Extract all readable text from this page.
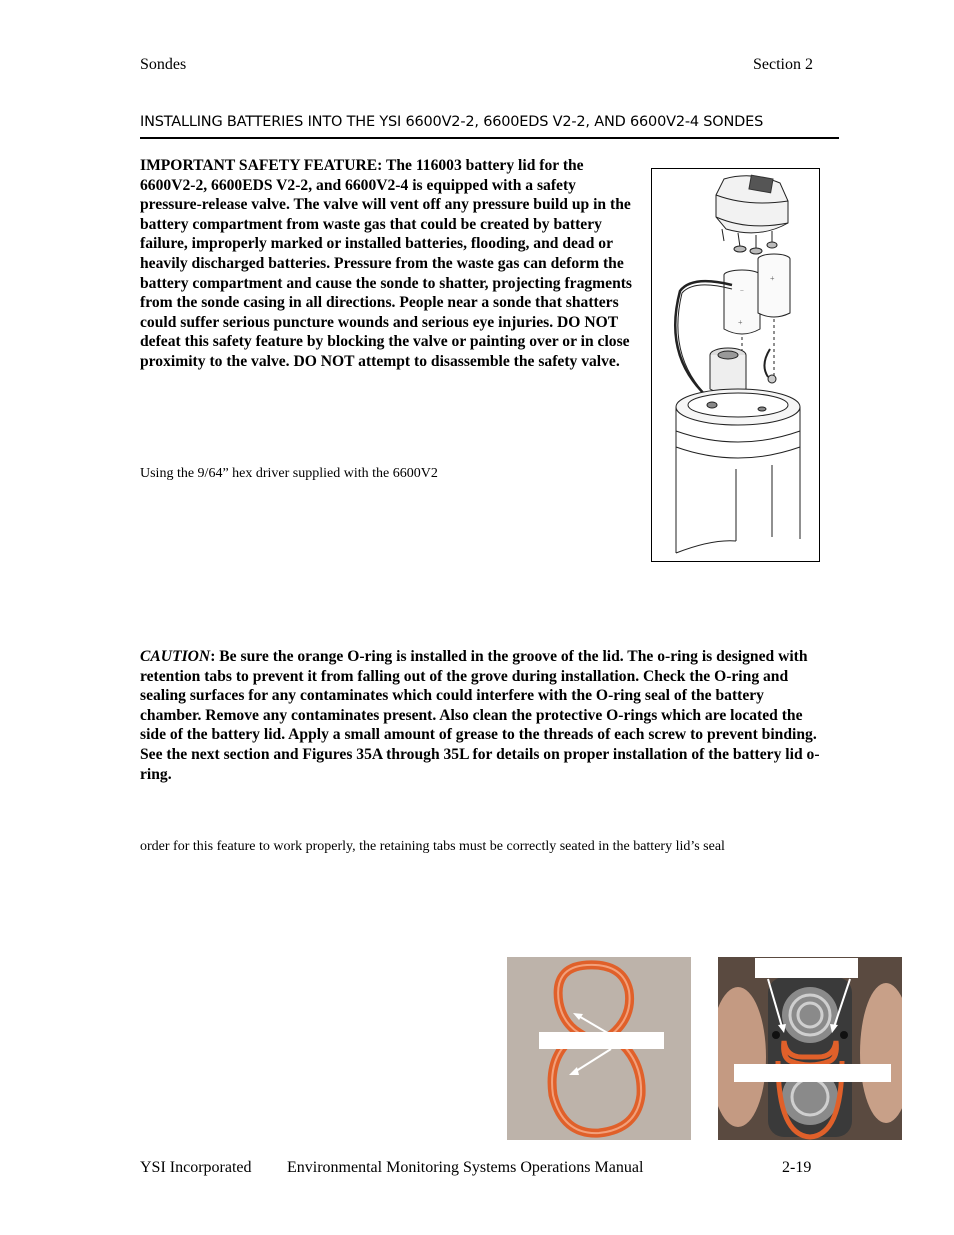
Sondes	Section 2
INSTALLING BATTERIES INTO THE YSI 6600V2-2, 6600EDS V2-2, AND 6600V2-4 SONDES
IMPORTANT SAFETY FEATURE: The 116003 battery lid for the 6600V2-2, 6600EDS V2-2, and 6600V2-4 is equipped with a safety pressure-release valve. The valve will vent off any pressure build up in the battery compartment from waste gas that could be created by battery failure, improperly marked or installed batteries, flooding, and dead or heavily discharged batteries. Pressure from the waste gas can deform the battery compartment and cause the sonde to shatter, projecting fragments from the sonde casing in all directions. People near a sonde that shatters could suffer serious puncture wounds and serious eye injuries. DO NOT defeat this safety feature by blocking the valve or painting over or in close proximity to the valve. DO NOT attempt to disassemble the safety valve.
Using the 9/64” hex driver supplied with the 6600V2
−
+
+
CAUTION: Be sure the orange O-ring is installed in the groove of the lid. The o-ring is designed with retention tabs to prevent it from falling out of the grove during installation. Check the O-ring and sealing surfaces for any contaminates which could interfere with the O-ring seal of the battery chamber. Remove any contaminates present. Also clean the protective O-rings which are located the side of the battery lid. Apply a small amount of grease to the threads of each screw to prevent binding. See the next section and Figures 35A through 35L for details on proper installation of the battery lid o-ring.
order for this feature to work properly, the retaining tabs must be correctly seated in the battery lid’s seal
YSI Incorporated Environmental Monitoring Systems Operations Manual	2-19
